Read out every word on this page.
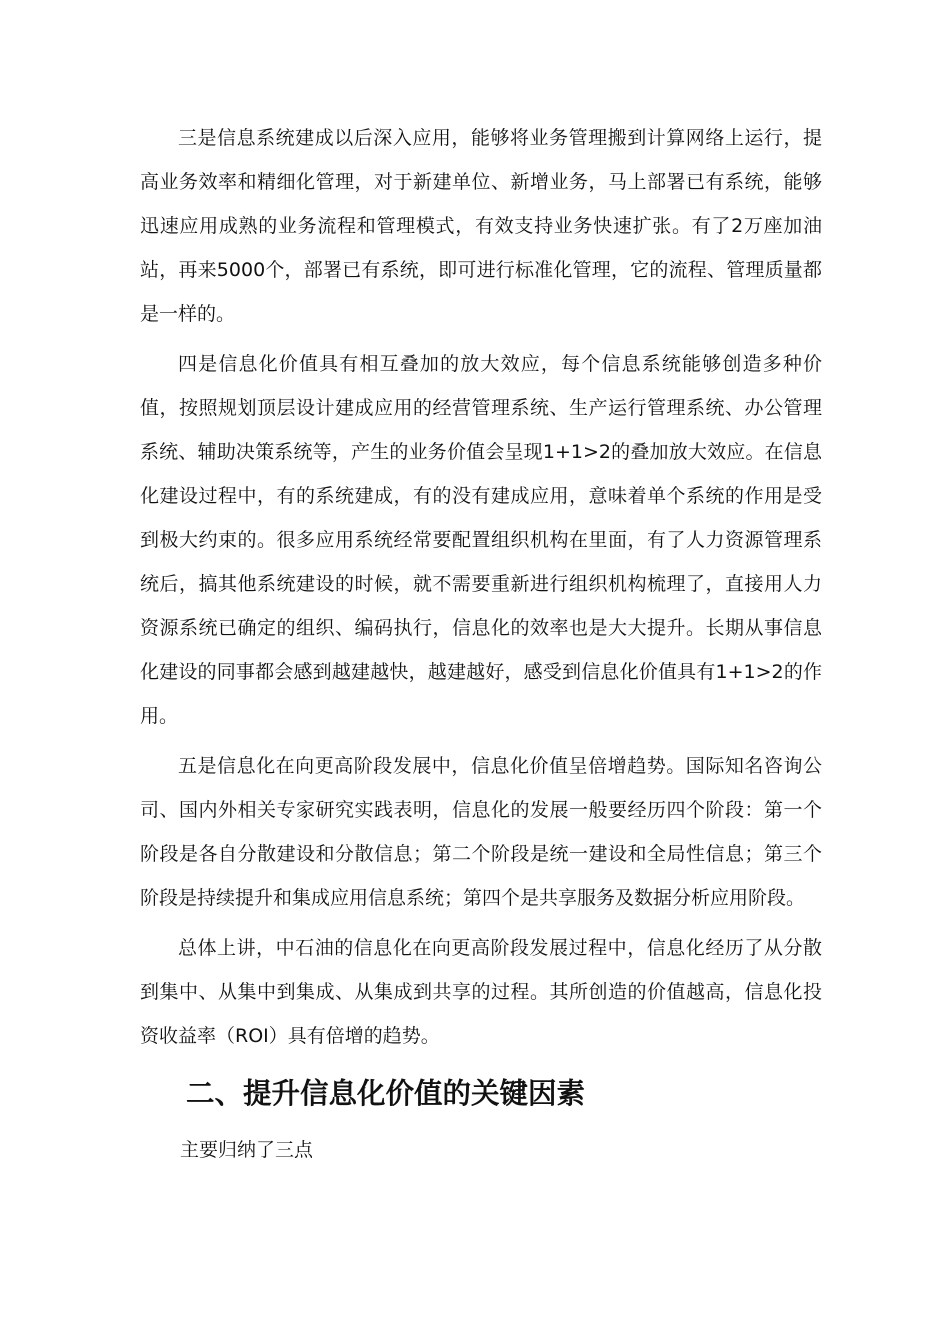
三是信息系统建成以后深入应用，能够将业务管理搬到计算网络上运行，提高业务效率和精细化管理，对于新建单位、新增业务，马上部署已有系统，能够迅速应用成熟的业务流程和管理模式，有效支持业务快速扩张。有了2万座加油站，再来5000个，部署已有系统，即可进行标准化管理，它的流程、管理质量都是一样的。

四是信息化价值具有相互叠加的放大效应，每个信息系统能够创造多种价值，按照规划顶层设计建成应用的经营管理系统、生产运行管理系统、办公管理系统、辅助决策系统等，产生的业务价值会呈现1+1>2的叠加放大效应。在信息化建设过程中，有的系统建成，有的没有建成应用，意味着单个系统的作用是受到极大约束的。很多应用系统经常要配置组织机构在里面，有了人力资源管理系统后，搞其他系统建设的时候，就不需要重新进行组织机构梳理了，直接用人力资源系统已确定的组织、编码执行，信息化的效率也是大大提升。长期从事信息化建设的同事都会感到越建越快，越建越好，感受到信息化价值具有1+1>2的作用。

五是信息化在向更高阶段发展中，信息化价值呈倍增趋势。国际知名咨询公司、国内外相关专家研究实践表明，信息化的发展一般要经历四个阶段：第一个阶段是各自分散建设和分散信息；第二个阶段是统一建设和全局性信息；第三个阶段是持续提升和集成应用信息系统；第四个是共享服务及数据分析应用阶段。

总体上讲，中石油的信息化在向更高阶段发展过程中，信息化经历了从分散到集中、从集中到集成、从集成到共享的过程。其所创造的价值越高，信息化投资收益率（ROI）具有倍增的趋势。

二、提升信息化价值的关键因素

主要归纳了三点
